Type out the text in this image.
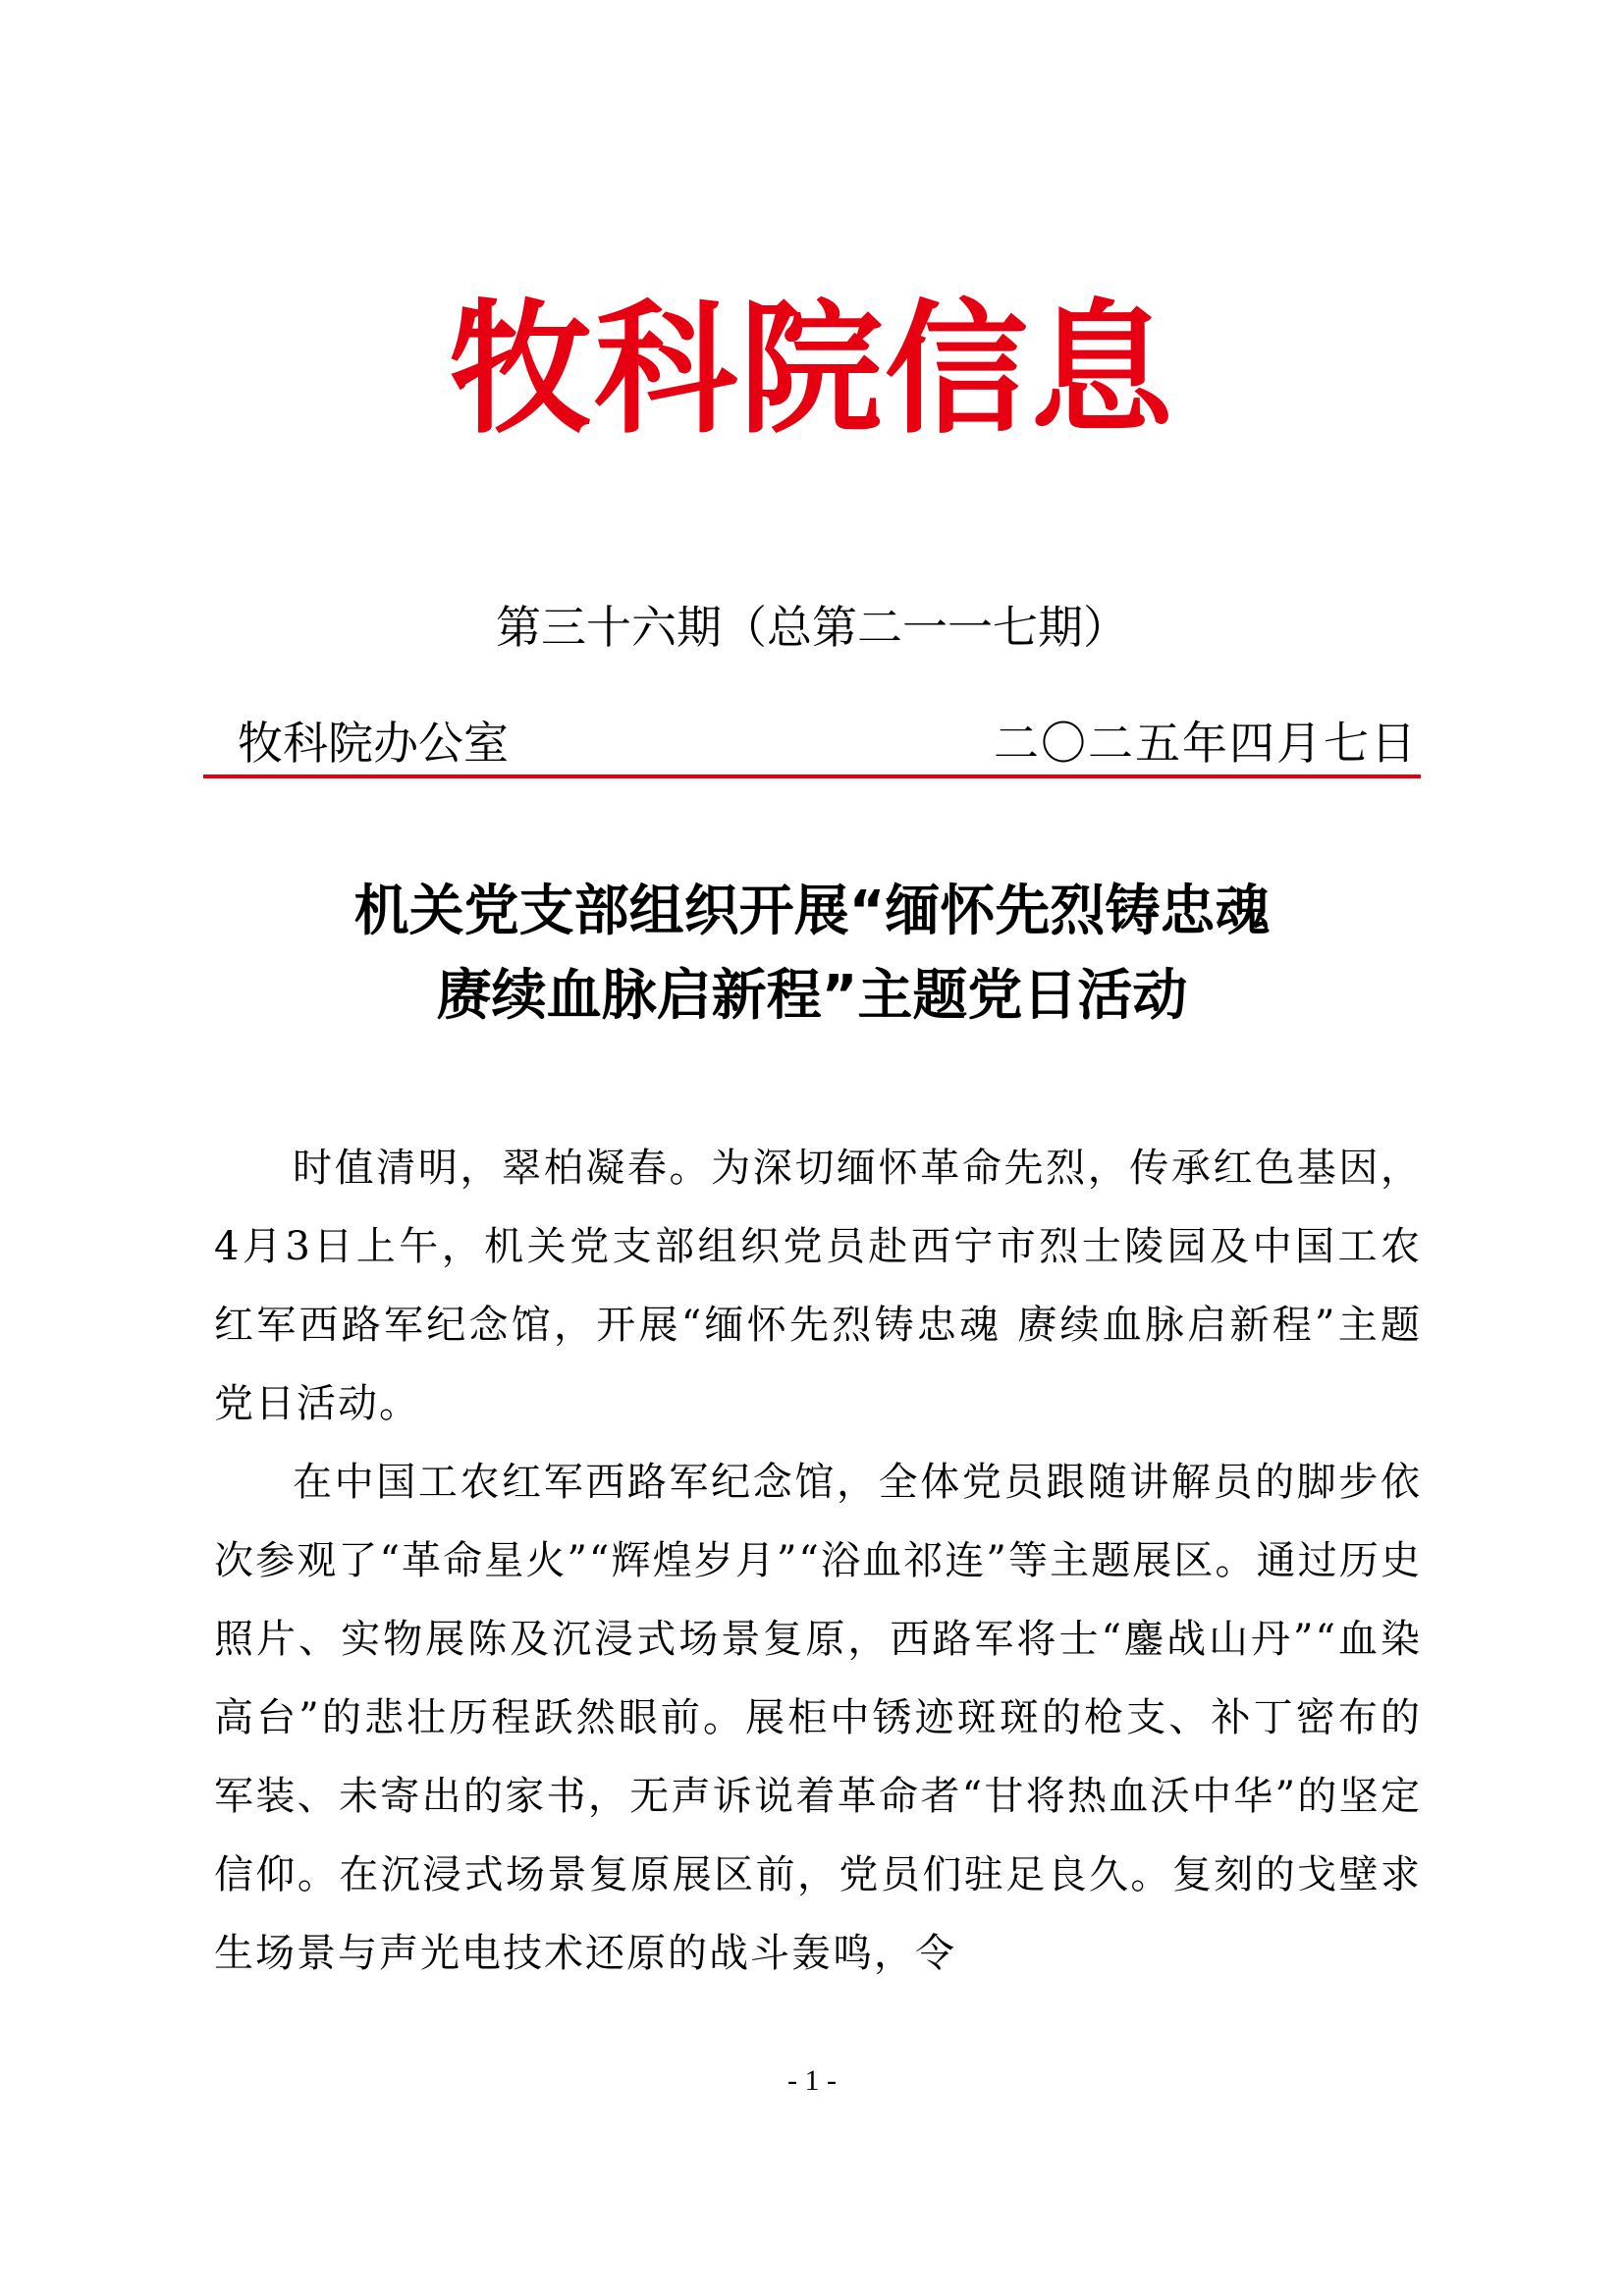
牧科院信息
第三十六期（总第二一一七期）
牧科院办公室	二〇二五年四月七日
机关党支部组织开展“缅怀先烈铸忠魂
赓续血脉启新程”主题党日活动

时值清明，翠柏凝春。为深切缅怀革命先烈，传承红色基因，4月3日上午，机关党支部组织党员赴西宁市烈士陵园及中国工农红军西路军纪念馆，开展“缅怀先烈铸忠魂 赓续血脉启新程”主题党日活动。

在中国工农红军西路军纪念馆，全体党员跟随讲解员的脚步依次参观了“革命星火”“辉煌岁月”“浴血祁连”等主题展区。通过历史照片、实物展陈及沉浸式场景复原，西路军将士“鏖战山丹”“血染高台”的悲壮历程跃然眼前。展柜中锈迹斑斑的枪支、补丁密布的军装、未寄出的家书，无声诉说着革命者“甘将热血沃中华”的坚定信仰。在沉浸式场景复原展区前，党员们驻足良久。复刻的戈壁求生场景与声光电技术还原的战斗轰鸣，令

- 1 -
